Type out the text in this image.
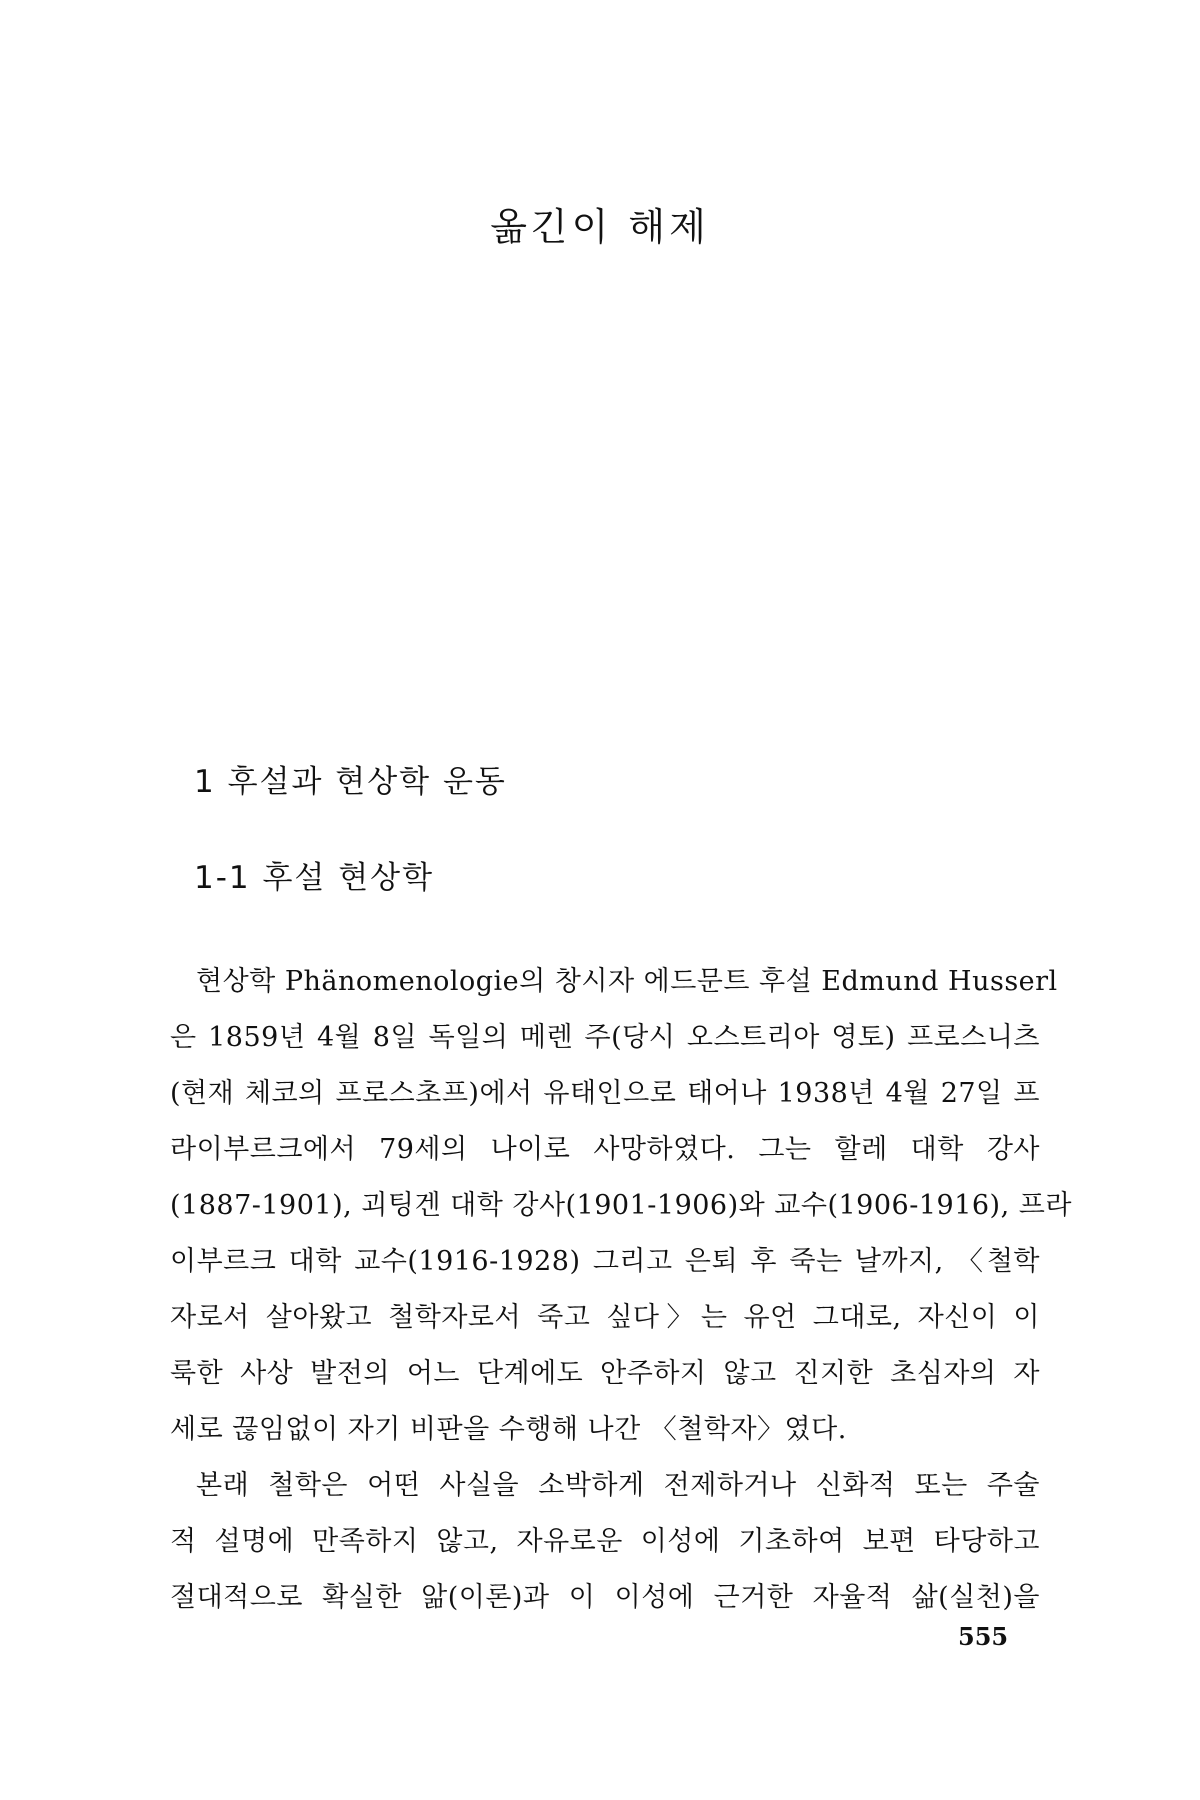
옮긴이 해제
1 후설과 현상학 운동
1-1 후설 현상학

현상학 Phänomenologie의 창시자 에드문트 후설 Edmund Husserl
은 1859년 4월 8일 독일의 메렌 주(당시 오스트리아 영토) 프로스니츠
(현재 체코의 프로스초프)에서 유태인으로 태어나 1938년 4월 27일 프
라이부르크에서 79세의 나이로 사망하였다. 그는 할레 대학 강사
(1887-1901), 괴팅겐 대학 강사(1901-1906)와 교수(1906-1916), 프라
이부르크 대학 교수(1916-1928) 그리고 은퇴 후 죽는 날까지, 〈철학
자로서 살아왔고 철학자로서 죽고 싶다〉는 유언 그대로, 자신이 이
룩한 사상 발전의 어느 단계에도 안주하지 않고 진지한 초심자의 자
세로 끊임없이 자기 비판을 수행해 나간 〈철학자〉였다.

본래 철학은 어떤 사실을 소박하게 전제하거나 신화적 또는 주술
적 설명에 만족하지 않고, 자유로운 이성에 기초하여 보편 타당하고
절대적으로 확실한 앎(이론)과 이 이성에 근거한 자율적 삶(실천)을

555
